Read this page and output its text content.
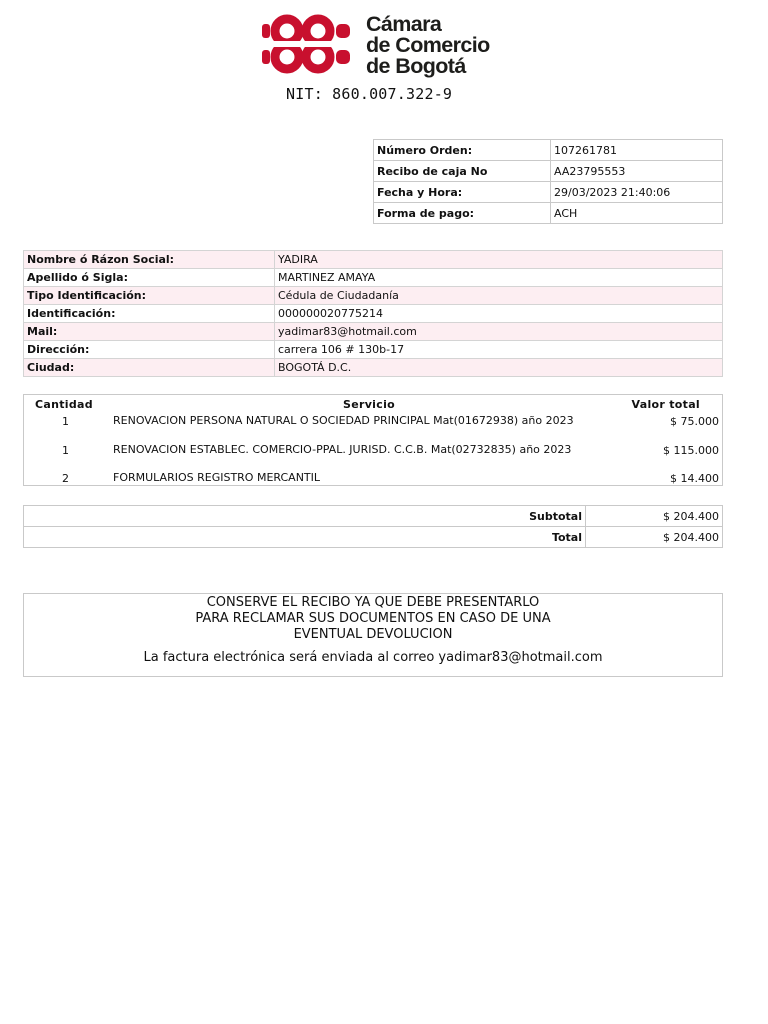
Cámara
de Comercio
de Bogotá
NIT: 860.007.322-9
Número Orden:	107261781
Recibo de caja No	AA23795553
Fecha y Hora:	29/03/2023 21:40:06
Forma de pago:	ACH
Nombre ó Rázon Social:	YADIRA
Apellido ó Sigla:	MARTINEZ AMAYA
Tipo Identificación:	Cédula de Ciudadanía
Identificación:	000000020775214
Mail:	yadimar83@hotmail.com
Dirección:	carrera 106 # 130b-17
Ciudad:	BOGOTÁ D.C.
Cantidad	Servicio	Valor total
1	RENOVACION PERSONA NATURAL O SOCIEDAD PRINCIPAL Mat(01672938) año 2023	$ 75.000
1	RENOVACION ESTABLEC. COMERCIO-PPAL. JURISD. C.C.B. Mat(02732835) año 2023	$ 115.000
2	FORMULARIOS REGISTRO MERCANTIL	$ 14.400
Subtotal	$ 204.400
Total	$ 204.400
CONSERVE EL RECIBO YA QUE DEBE PRESENTARLO
PARA RECLAMAR SUS DOCUMENTOS EN CASO DE UNA
EVENTUAL DEVOLUCION
La factura electrónica será enviada al correo yadimar83@hotmail.com
